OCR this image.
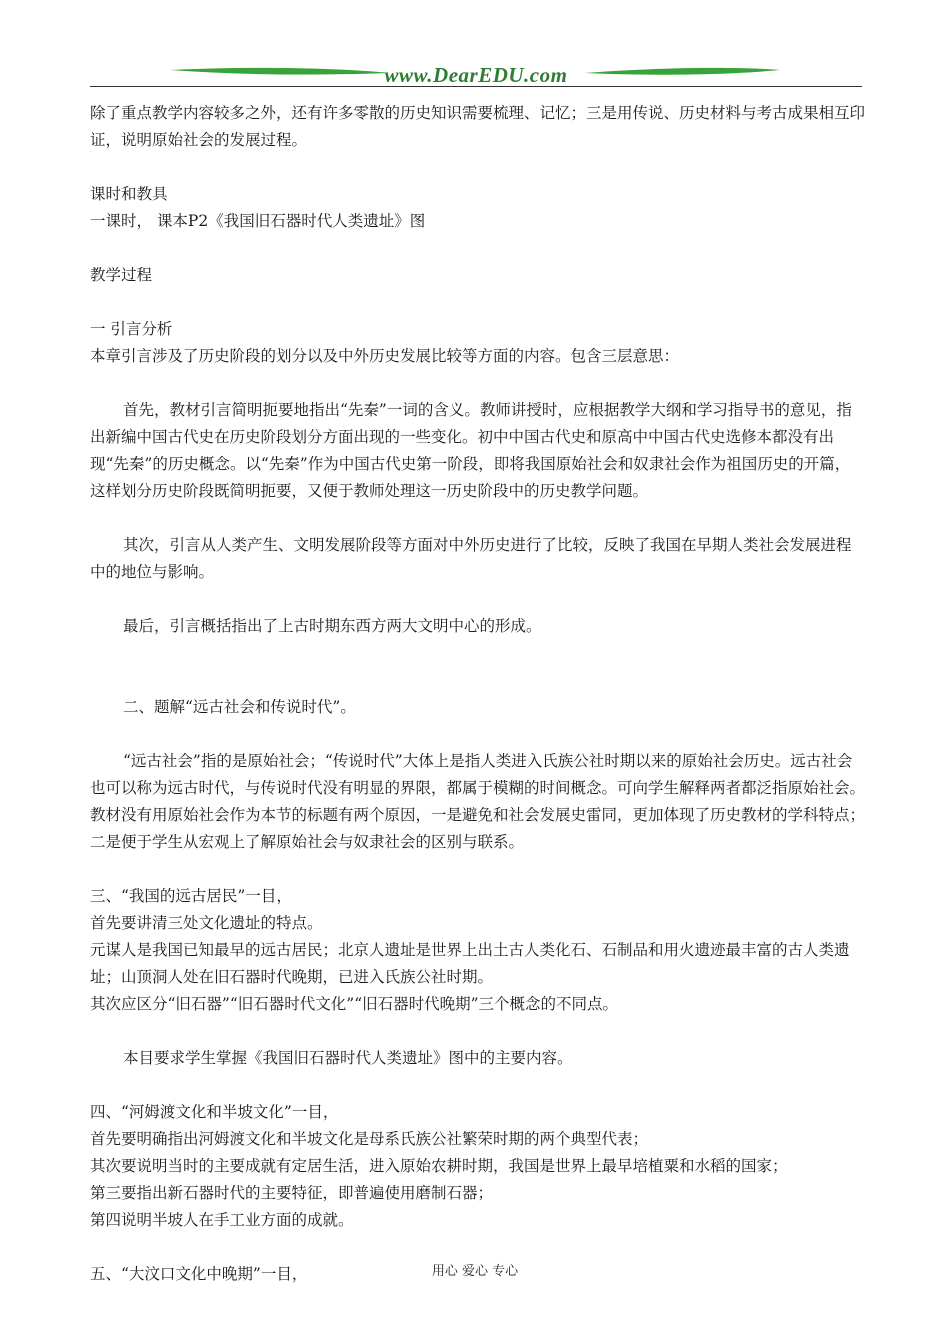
www.DearEDU.com

除了重点教学内容较多之外，还有许多零散的历史知识需要梳理、记忆；三是用传说、历史材料与考古成果相互印证，说明原始社会的发展过程。

课时和教具

一课时， 课本P2《我国旧石器时代人类遗址》图

教学过程

一 引言分析

本章引言涉及了历史阶段的划分以及中外历史发展比较等方面的内容。包含三层意思：

首先，教材引言简明扼要地指出“先秦”一词的含义。教师讲授时，应根据教学大纲和学习指导书的意见，指出新编中国古代史在历史阶段划分方面出现的一些变化。初中中国古代史和原高中中国古代史选修本都没有出现“先秦”的历史概念。以“先秦”作为中国古代史第一阶段，即将我国原始社会和奴隶社会作为祖国历史的开篇，这样划分历史阶段既简明扼要，又便于教师处理这一历史阶段中的历史教学问题。

其次，引言从人类产生、文明发展阶段等方面对中外历史进行了比较，反映了我国在早期人类社会发展进程中的地位与影响。

最后，引言概括指出了上古时期东西方两大文明中心的形成。

二、题解“远古社会和传说时代”。

“远古社会”指的是原始社会；“传说时代”大体上是指人类进入氏族公社时期以来的原始社会历史。远古社会也可以称为远古时代，与传说时代没有明显的界限，都属于模糊的时间概念。可向学生解释两者都泛指原始社会。教材没有用原始社会作为本节的标题有两个原因，一是避免和社会发展史雷同，更加体现了历史教材的学科特点；二是便于学生从宏观上了解原始社会与奴隶社会的区别与联系。

三、“我国的远古居民”一目，

首先要讲清三处文化遗址的特点。

元谋人是我国已知最早的远古居民；北京人遗址是世界上出土古人类化石、石制品和用火遗迹最丰富的古人类遗址；山顶洞人处在旧石器时代晚期，已进入氏族公社时期。

其次应区分“旧石器”“旧石器时代文化”“旧石器时代晚期”三个概念的不同点。

本目要求学生掌握《我国旧石器时代人类遗址》图中的主要内容。

四、“河姆渡文化和半坡文化”一目，

首先要明确指出河姆渡文化和半坡文化是母系氏族公社繁荣时期的两个典型代表；

其次要说明当时的主要成就有定居生活，进入原始农耕时期，我国是世界上最早培植粟和水稻的国家；

第三要指出新石器时代的主要特征，即普遍使用磨制石器；

第四说明半坡人在手工业方面的成就。

五、“大汶口文化中晚期”一目，	用心 爱心 专心
